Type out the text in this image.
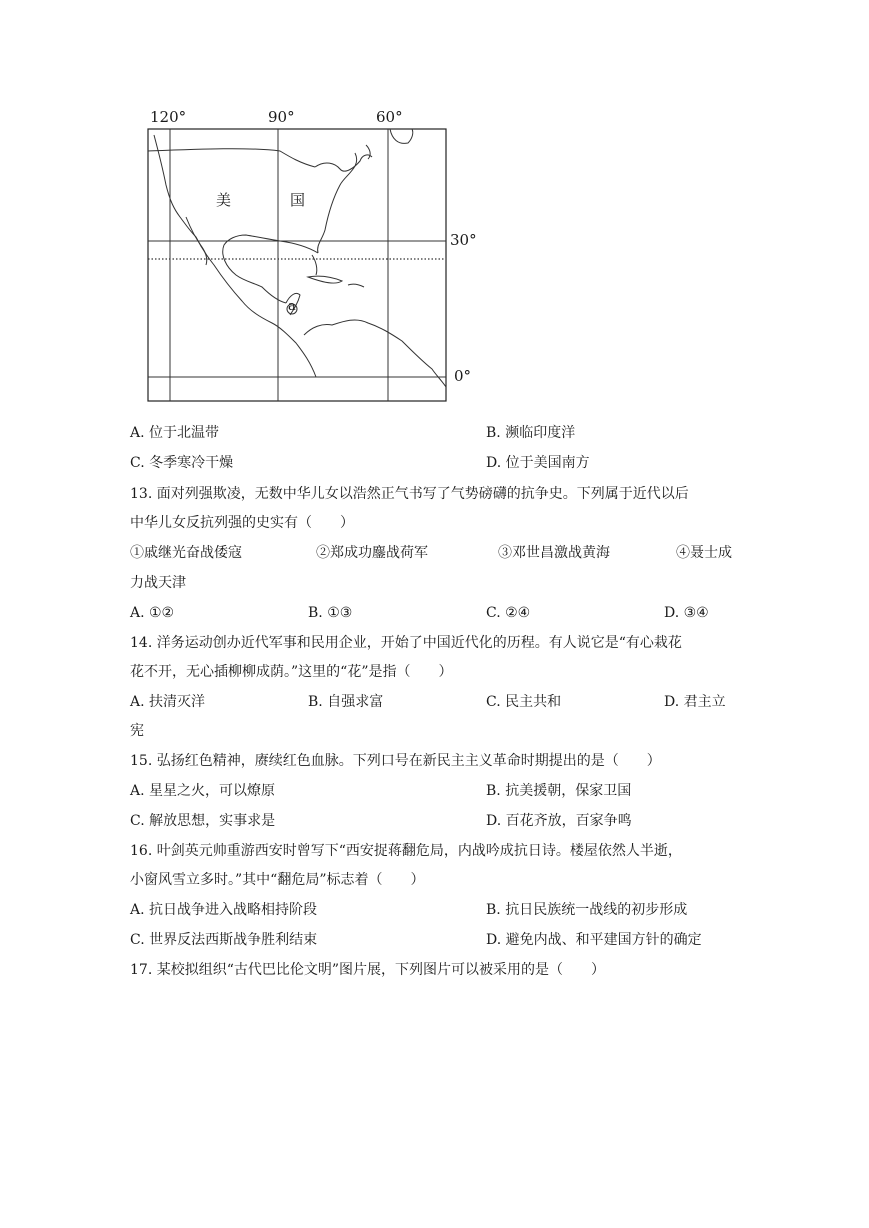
120°	90°	60°
30°
0°
美	国
a
A. 位于北温带	B. 濒临印度洋
C. 冬季寒冷干燥	D. 位于美国南方
13. 面对列强欺凌，无数中华儿女以浩然正气书写了气势磅礴的抗争史。下列属于近代以后
中华儿女反抗列强的史实有（　　）
①戚继光奋战倭寇	②郑成功鏖战荷军	③邓世昌激战黄海	④聂士成
力战天津
A. ①②	B. ①③	C. ②④	D. ③④
14. 洋务运动创办近代军事和民用企业，开始了中国近代化的历程。有人说它是“有心栽花
花不开，无心插柳柳成荫。”这里的“花”是指（　　）
A. 扶清灭洋	B. 自强求富	C. 民主共和	D. 君主立
宪
15. 弘扬红色精神，赓续红色血脉。下列口号在新民主主义革命时期提出的是（　　）
A. 星星之火，可以燎原	B. 抗美援朝，保家卫国
C. 解放思想，实事求是	D. 百花齐放，百家争鸣
16. 叶剑英元帅重游西安时曾写下“西安捉蒋翻危局，内战吟成抗日诗。楼屋依然人半逝，
小窗风雪立多时。”其中“翻危局”标志着（　　）
A. 抗日战争进入战略相持阶段	B. 抗日民族统一战线的初步形成
C. 世界反法西斯战争胜利结束	D. 避免内战、和平建国方针的确定
17. 某校拟组织“古代巴比伦文明”图片展，下列图片可以被采用的是（　　）
